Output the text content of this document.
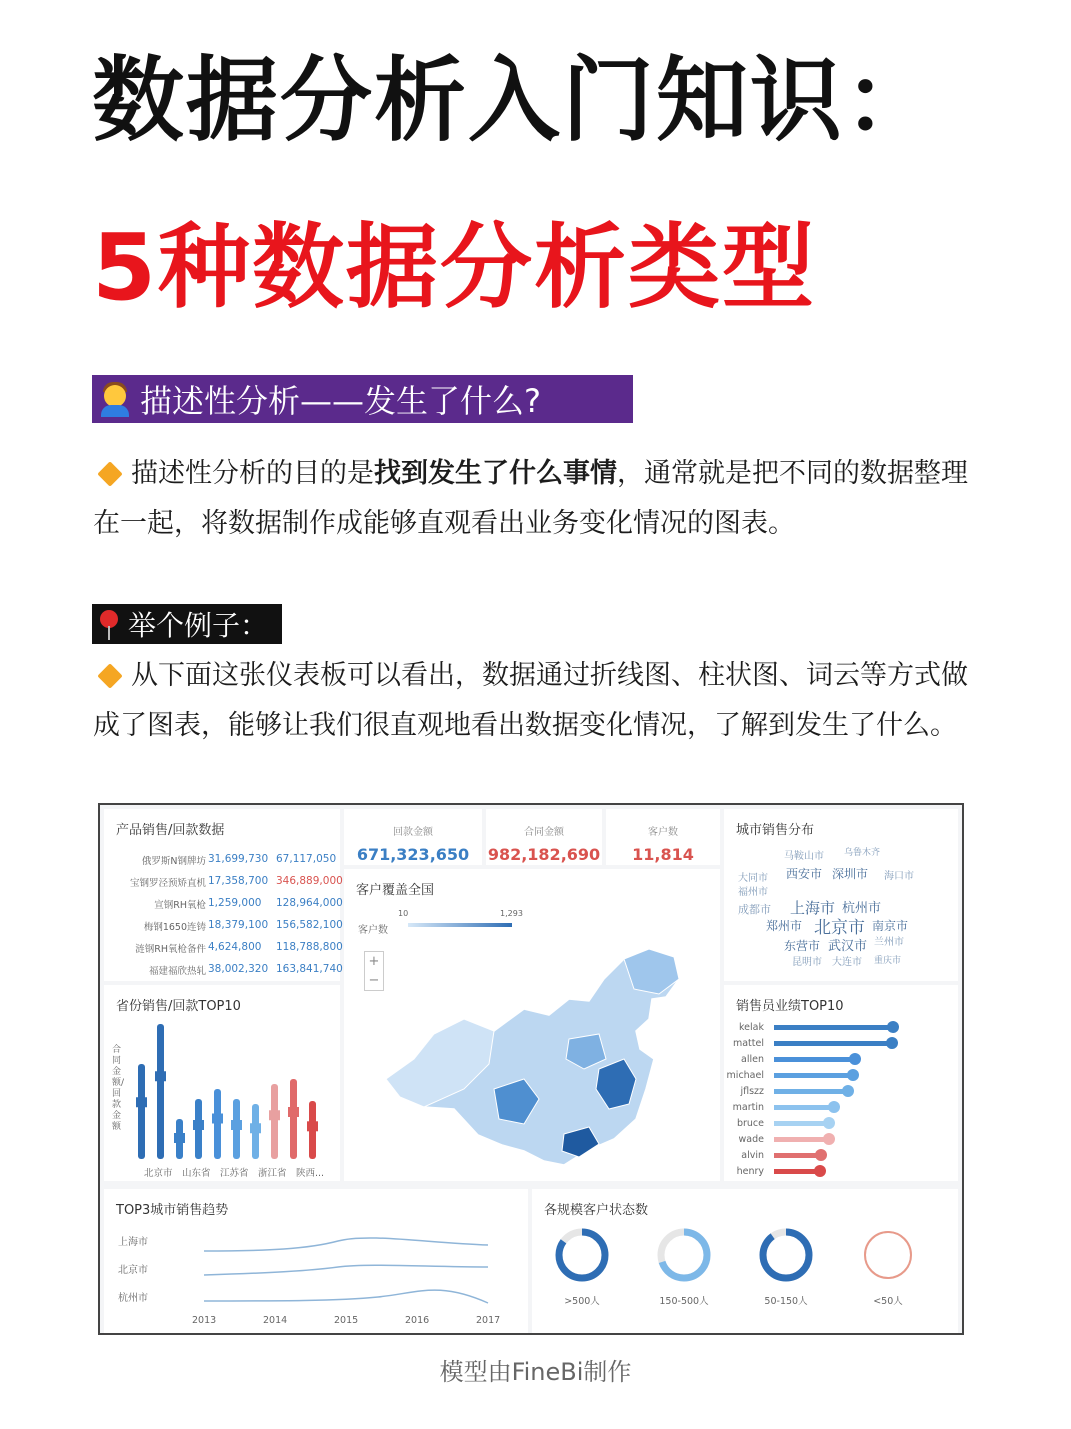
数据分析入门知识：
5种数据分析类型
描述性分析——发生了什么?
描述性分析的目的是找到发生了什么事情，通常就是把不同的数据整理在一起，将数据制作成能够直观看出业务变化情况的图表。
举个例子：
从下面这张仪表板可以看出，数据通过折线图、柱状图、词云等方式做成了图表，能够让我们很直观地看出数据变化情况，了解到发生了什么。
产品销售/回款数据
俄罗斯N钢牌坊 31,699,730 67,117,050
宝钢罗泾预矫直机 17,358,700 346,889,000
宣钢RH氧枪 1,259,000	128,964,000
梅钢1650连铸 18,379,100 156,582,100
涟钢RH氧枪备件 4,624,800	118,788,800
福建福欣热轧 38,002,320 163,841,740
回款金额
671,323,650
合同金额
982,182,690
客户数
11,814
客户覆盖全国
客户数
10	1,293
+
−
城市销售分布
马鞍山市 乌鲁木齐
大同市 西安市 深圳市 海口市
福州市
成都市 上海市 杭州市
郑州市 北京市 南京市
东营市 武汉市 兰州市
昆明市 大连市 重庆市
省份销售/回款TOP10
合同金额/回款金额
北京市 山东省 江苏省 浙江省 陕西...
销售员业绩TOP10
kelak
mattel
allen
michael
jflszz
martin
bruce
wade
alvin
henry
TOP3城市销售趋势
上海市
北京市
杭州市
2013	2014	2015	2016	2017
各规模客户状态数
>500人	150-500人	50-150人	<50人
模型由FineBi制作
